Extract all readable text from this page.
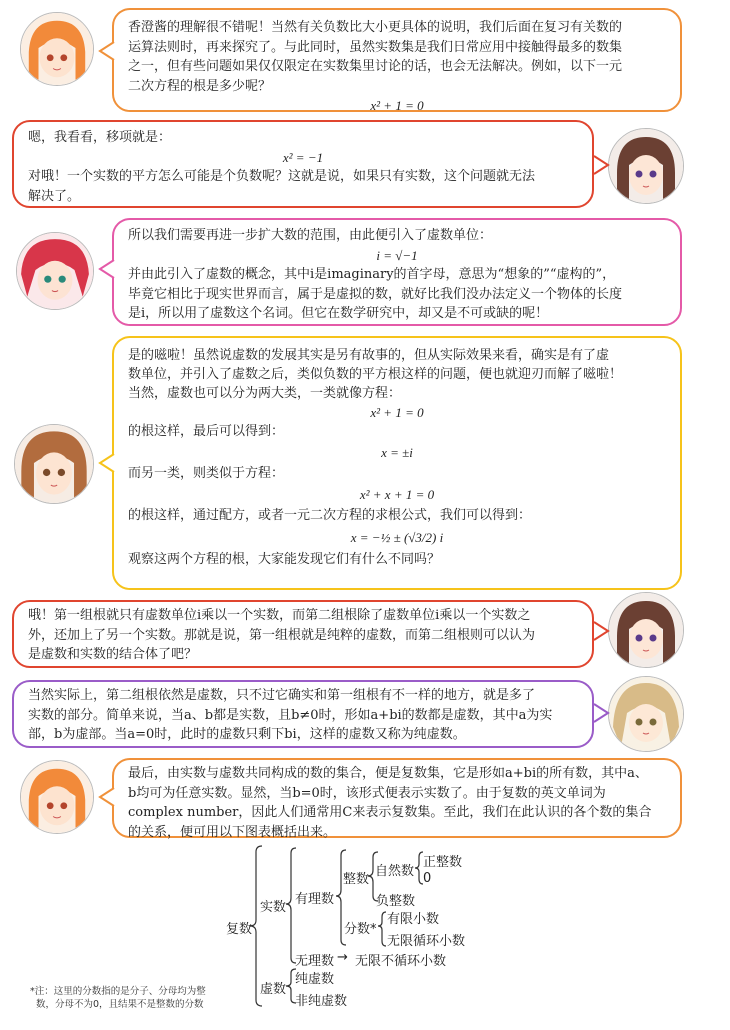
香澄酱的理解很不错呢！当然有关负数比大小更具体的说明，我们后面在复习有关数的

运算法则时，再来探究了。与此同时，虽然实数集是我们日常应用中接触得最多的数集

之一，但有些问题如果仅仅限定在实数集里讨论的话，也会无法解决。例如，以下一元

二次方程的根是多少呢？

x² + 1 = 0

嗯，我看看，移项就是：

x² = −1

对哦！一个实数的平方怎么可能是个负数呢？这就是说，如果只有实数，这个问题就无法

解决了。

所以我们需要再进一步扩大数的范围，由此便引入了虚数单位：

i = √−1

并由此引入了虚数的概念，其中i是imaginary的首字母，意思为“想象的”“虚构的”，

毕竟它相比于现实世界而言，属于是虚拟的数，就好比我们没办法定义一个物体的长度

是i，所以用了虚数这个名词。但它在数学研究中，却又是不可或缺的呢！

是的嗞啦！虽然说虚数的发展其实是另有故事的，但从实际效果来看，确实是有了虚

数单位，并引入了虚数之后，类似负数的平方根这样的问题，便也就迎刃而解了嗞啦！

当然，虚数也可以分为两大类，一类就像方程：

x² + 1 = 0

的根这样，最后可以得到：

x = ±i

而另一类，则类似于方程：

x² + x + 1 = 0

的根这样，通过配方，或者一元二次方程的求根公式，我们可以得到：

x = −½ ± (√3/2) i

观察这两个方程的根，大家能发现它们有什么不同吗？

哦！第一组根就只有虚数单位i乘以一个实数，而第二组根除了虚数单位i乘以一个实数之

外，还加上了另一个实数。那就是说，第一组根就是纯粹的虚数，而第二组根则可以认为

是虚数和实数的结合体了吧？

当然实际上，第二组根依然是虚数，只不过它确实和第一组根有不一样的地方，就是多了

实数的部分。简单来说，当a、b都是实数，且b≠0时，形如a+bi的数都是虚数，其中a为实

部，b为虚部。当a=0时，此时的虚数只剩下bi，这样的虚数又称为纯虚数。

最后，由实数与虚数共同构成的数的集合，便是复数集，它是形如a+bi的所有数，其中a、

b均可为任意实数。显然，当b=0时，该形式便表示实数了。由于复数的英文单词为

complex number，因此人们通常用C来表示复数集。至此，我们在此认识的各个数的集合

的关系，便可用以下图表概括出来。

复数
实数
有理数
整数
自然数
正整数
0
负整数
分数*
有限小数
无限循环小数
无理数 → 无限不循环小数
虚数
纯虚数
非纯虚数

*注：这里的分数指的是分子、分母均为整

数，分母不为0，且结果不是整数的分数
